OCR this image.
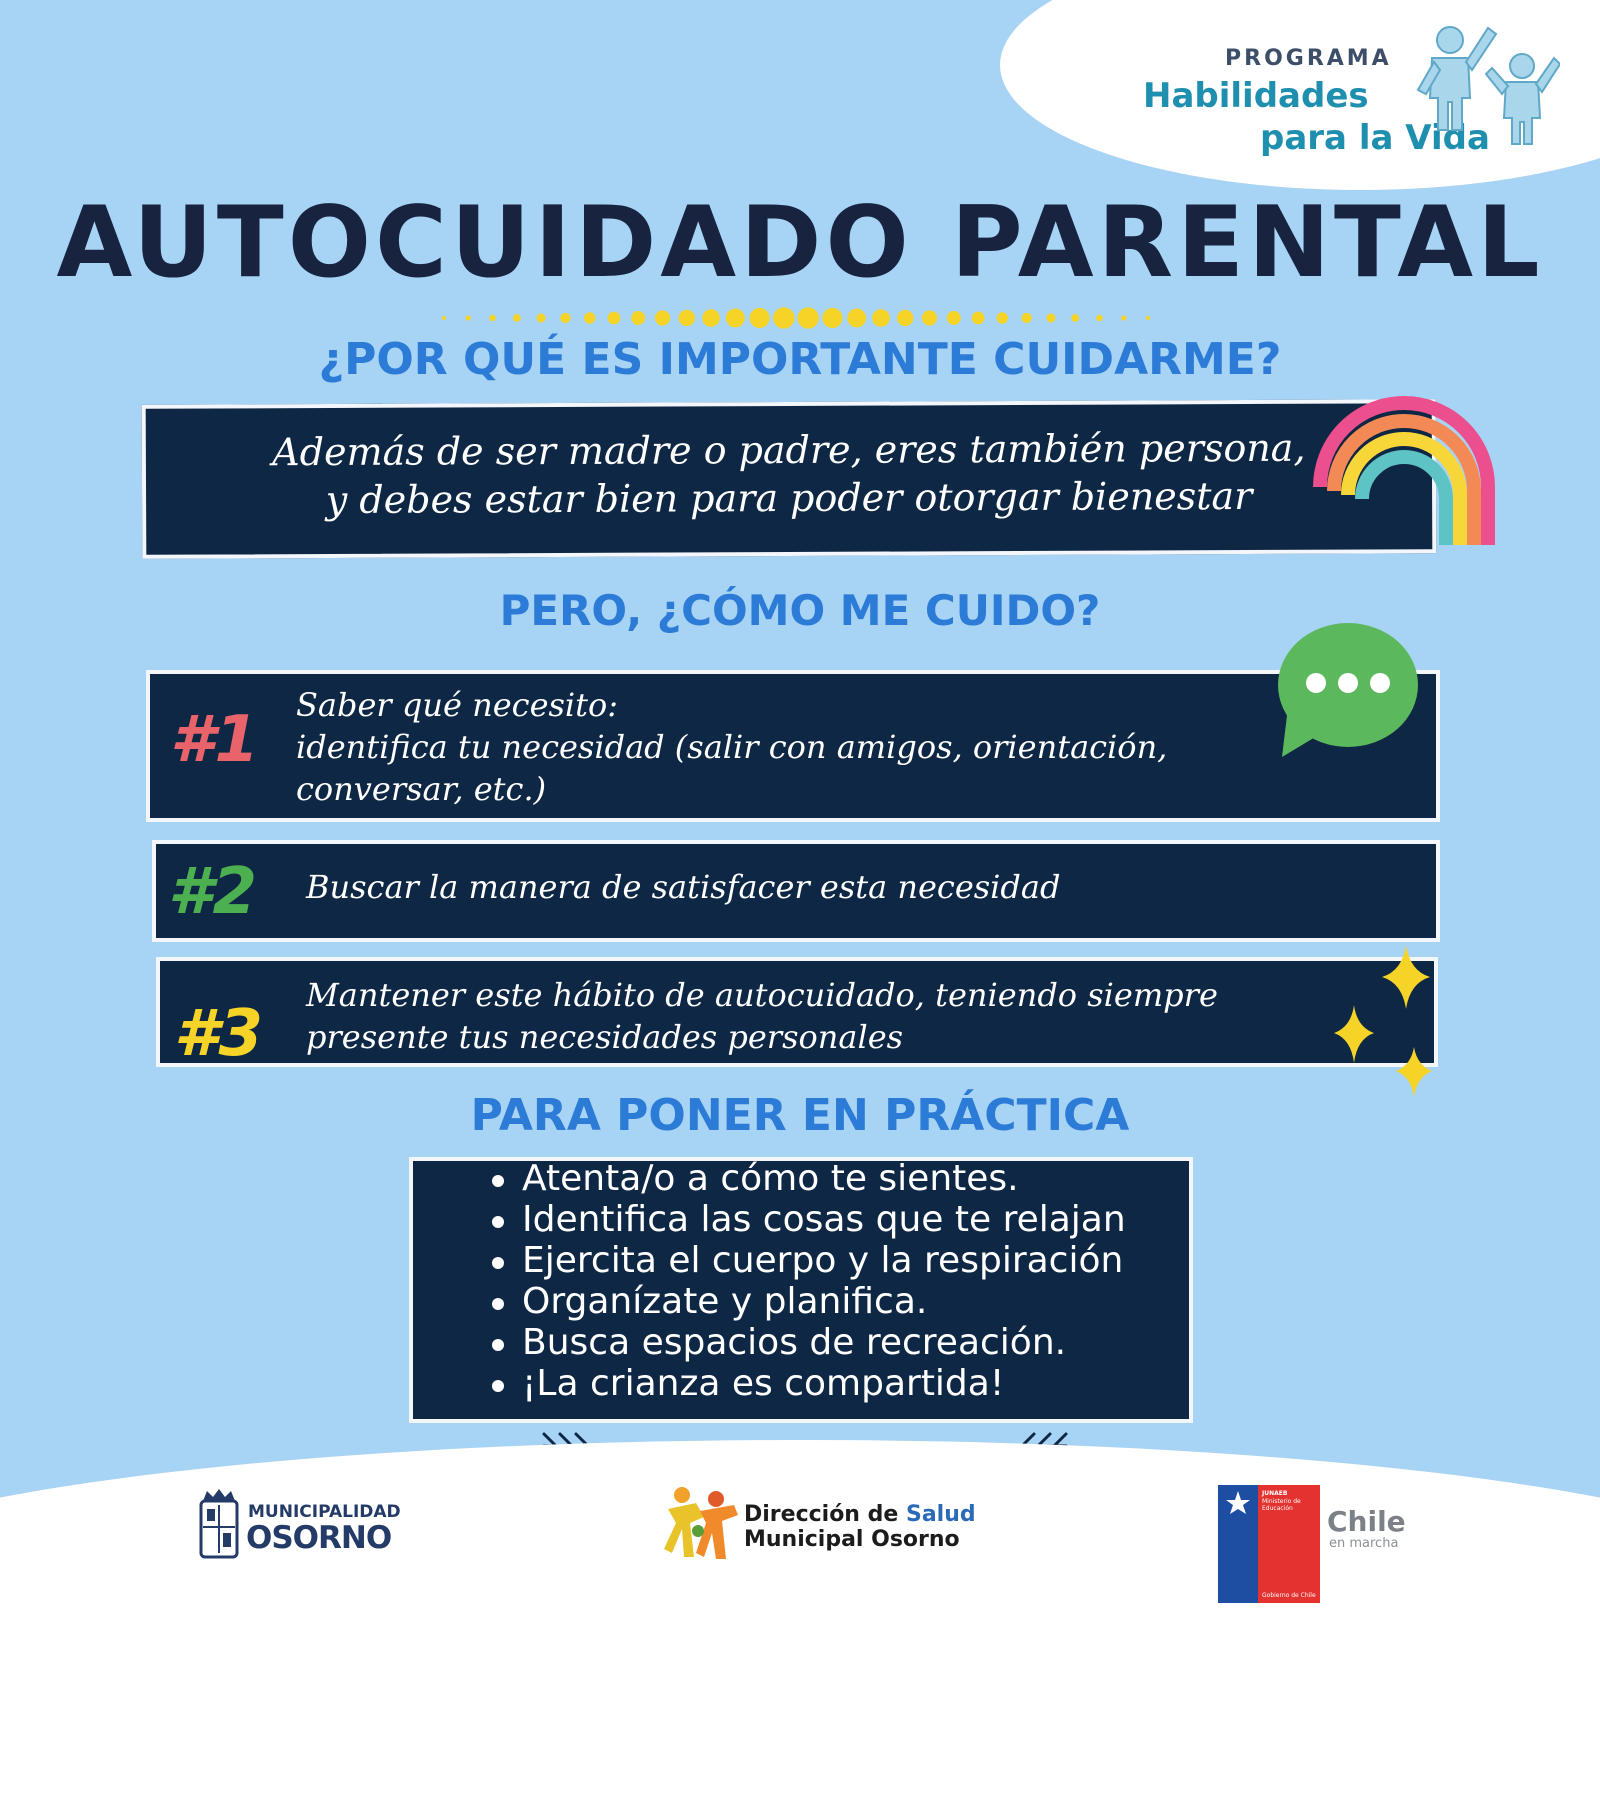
PROGRAMA
Habilidades
para la Vida
AUTOCUIDADO PARENTAL
¿POR QUÉ ES IMPORTANTE CUIDARME?
Además de ser madre o padre, eres también persona,
y debes estar bien para poder otorgar bienestar
PERO, ¿CÓMO ME CUIDO?
#1 Saber qué necesito:
identifica tu necesidad (salir con amigos, orientación,
conversar, etc.)
#2 Buscar la manera de satisfacer esta necesidad
#3
Mantener este hábito de autocuidado, teniendo siempre
presente tus necesidades personales
PARA PONER EN PRÁCTICA
Atenta/o a cómo te sientes.
Identifica las cosas que te relajan
Ejercita el cuerpo y la respiración
Organízate y planifica.
Busca espacios de recreación.
¡La crianza es compartida!
MUNICIPALIDAD
OSORNO
Dirección de Salud
Municipal Osorno
JUNAEB
Ministerio de
Educación
Gobierno de Chile
Chile
en marcha
